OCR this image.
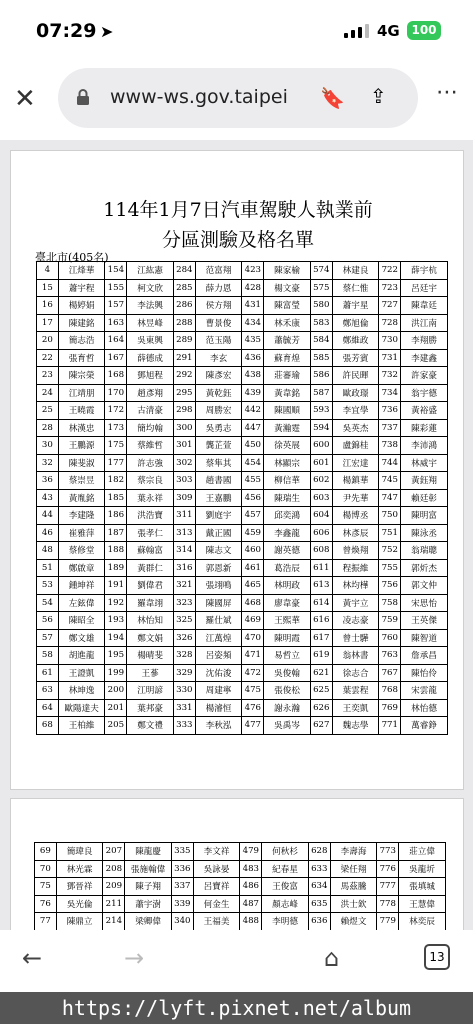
07:29 ➤	4G 100
✕	www-ws.gov.taipei 🔖 ⇪ ⋯
114年1月7日汽車駕駛人執業前
分區測驗及格名單
臺北市(405名)
4	江烽華	154	江紘憲	284	范富翔	423	陳家榆	574	林建良	722	薛宇杭
15	蕭宇程	155	柯文欣	285	薛力恩	428	楊文豪	575	蔡仁惟	723	呂廷宇
16	楊婷娟	157	李法興	286	侯方翔	431	陳富瑩	580	蕭宇星	727	陳韋廷
17	陳建銘	163	林昱峰	288	曹景俊	434	林禾康	583	鄭旭倫	728	洪江南
20	簡志浩	164	吳東興	289	范玉陽	435	蕭毓芳	584	鄭維政	730	李翔勝
22	張育哲	167	薛德成	291	李玄	436	蘇育煌	585	張芳賓	731	李建鑫
23	陳宗榮	168	鄧旭程	292	陳彥宏	438	莊審瑜	586	許民暉	732	許家豪
24	江靖朋	170	趙彥翔	295	黃乾鈺	439	黃韋銘	587	歐政璟	734	翁宇德
25	王曉霞	172	古清豪	298	周勝宏	442	陳國順	593	李宜學	736	黃裕盛
28	林漢忠	173	簡均翰	300	吳勇志	447	黃瀚霆	594	吳英杰	737	陳彩蓮
30	王鵬源	175	蔡維哲	301	龔芷萱	450	徐英展	600	盧錦桂	738	李沛鴻
32	陳斐淑	177	許志強	302	蔡隼其	454	林顯宗	601	江宏達	744	林威宇
36	蔡崇昱	182	蔡宗良	303	趙書國	455	柳信華	602	楊鎮華	745	黃鈺翔
43	黃胤銘	185	葉永祥	309	王嘉鵬	456	陳瑞生	603	尹先華	747	賴廷彰
44	李建隆	186	洪浩寶	311	劉庭宇	457	邱奕鴻	604	楊博丞	750	陳明富
46	崔雅萍	187	張孝仁	313	戴正國	459	李鑫龍	606	林彥辰	751	陳泳丞
48	蔡修堂	188	蘇翰富	314	陳志文	460	謝英德	608	曾煥翔	752	翁瑞聰
51	鄭啟章	189	黃群仁	316	郭恩新	461	葛浩辰	611	程振維	755	郭炘杰
53	鍾坤祥	191	劉偉君	321	張翊鳴	465	林明政	613	林均樺	756	郭文仲
54	左鉉偉	192	羅韋翊	323	陳國屏	468	廖韋豪	614	黃宇立	758	宋思怡
56	陳昭全	193	林怡知	325	羅仕斌	469	王熙華	616	凌志豪	759	王英傑
57	鄭文雄	194	鄭文娟	326	江萬煌	470	陳明霞	617	曾士驊	760	陳智道
58	胡進龍	195	楊晴斐	328	呂姿頻	471	易哲立	619	翁林書	763	詹承昌
61	王證凱	199	王蔘	329	沈佑浚	472	吳俊翰	621	徐志合	767	陳怡伶
63	林坤逸	200	江明諺	330	周建寧	475	張俊松	625	葉雲程	768	宋雲龍
64	歐陽達夫	201	葉邦豪	331	楊濬恒	476	謝永瀚	626	王奕凱	769	林怡德
68	王柏維	205	鄭文禮	333	李秋泓	477	吳禹岑	627	魏志學	771	萬睿錚
69	簡瑋良	207	陳龍慶	335	李文祥	479	何秋杉	628	李壽海	773	莊立偉
70	林光霖	208	張施翰偉	336	吳詠晏	483	紀春星	633	梁任翔	776	吳龍圻
75	鄧晉祥	209	陳子翔	337	呂寶祥	486	王俊富	634	馬茲騰	777	張填城
76	吳光倫	211	蕭宇澍	339	何金生	487	顏志峰	635	洪士欽	778	王慧偉
77	陳鼎立	214	梁卿偉	340	王福美	488	李明德	636	賴煜文	779	林奕辰
←	→	⌂	13
https://lyft.pixnet.net/album
